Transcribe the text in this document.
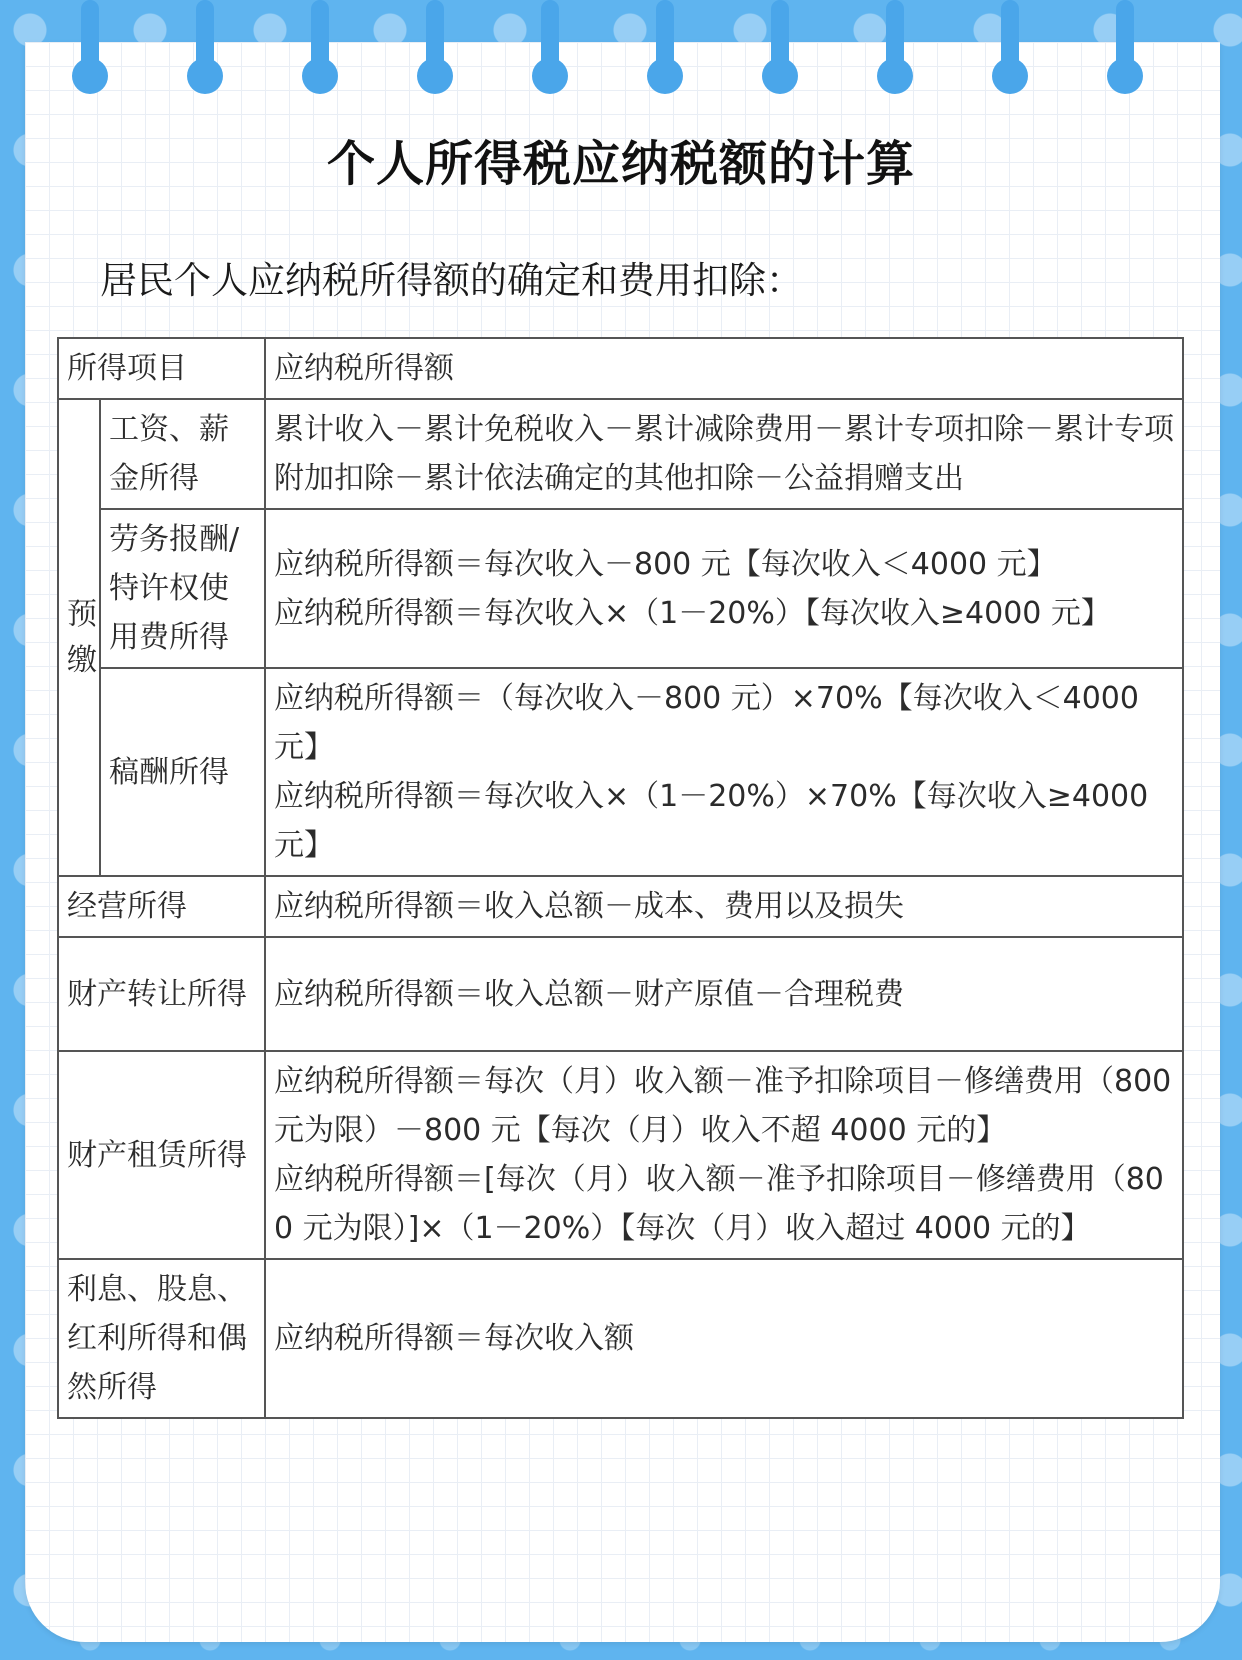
个人所得税应纳税额的计算
居民个人应纳税所得额的确定和费用扣除：
所得项目		应纳税所得额
预缴	工资、薪金所得	累计收入－累计免税收入－累计减除费用－累计专项扣除－累计专项附加扣除－累计依法确定的其他扣除－公益捐赠支出

	劳务报酬/特许权使用费所得	应纳税所得额＝每次收入－800 元【每次收入＜4000 元】
应纳税所得额＝每次收入×（1－20%）【每次收入≥4000 元】

	稿酬所得	应纳税所得额＝（每次收入－800 元）×70%【每次收入＜4000 元】
应纳税所得额＝每次收入×（1－20%）×70%【每次收入≥4000 元】

经营所得		应纳税所得额＝收入总额－成本、费用以及损失

财产转让所得		应纳税所得额＝收入总额－财产原值－合理税费

财产租赁所得		应纳税所得额＝每次（月）收入额－准予扣除项目－修缮费用（800 元为限）－800 元【每次（月）收入不超 4000 元的】
应纳税所得额＝[每次（月）收入额－准予扣除项目－修缮费用（800 元为限）]×（1－20%）【每次（月）收入超过 4000 元的】

利息、股息、红利所得和偶然所得		应纳税所得额＝每次收入额
